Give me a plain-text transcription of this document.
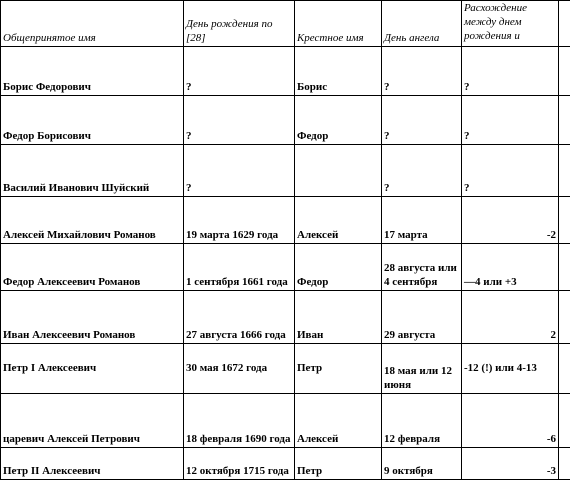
Общепринятое имя	День рождения по [28]	Крестное имя	День ангела	Расхождение между днем рождения и	
Борис Федорович	?	Борис	?	?	
Федор Борисович	?	Федор	?	?	
Василий Иванович Шуйский	?		?	?	
Алексей Михайлович Романов	19 марта 1629 года	Алексей	17 марта	-2	
Федор Алексеевич Романов	1 сентября 1661 года	Федор	28 августа или 4 сентября	—4 или +3	
Иван Алексеевич Романов	27 августа 1666 года	Иван	29 августа	2	
Петр I Алексеевич	30 мая 1672 года	Петр	18 мая или 12 июня	-12 (!) или 4-13	
царевич Алексей Петрович	18 февраля 1690 года	Алексей	12 февраля	-6	
Петр II Алексеевич	12 октября 1715 года	Петр	9 октября	-3	
